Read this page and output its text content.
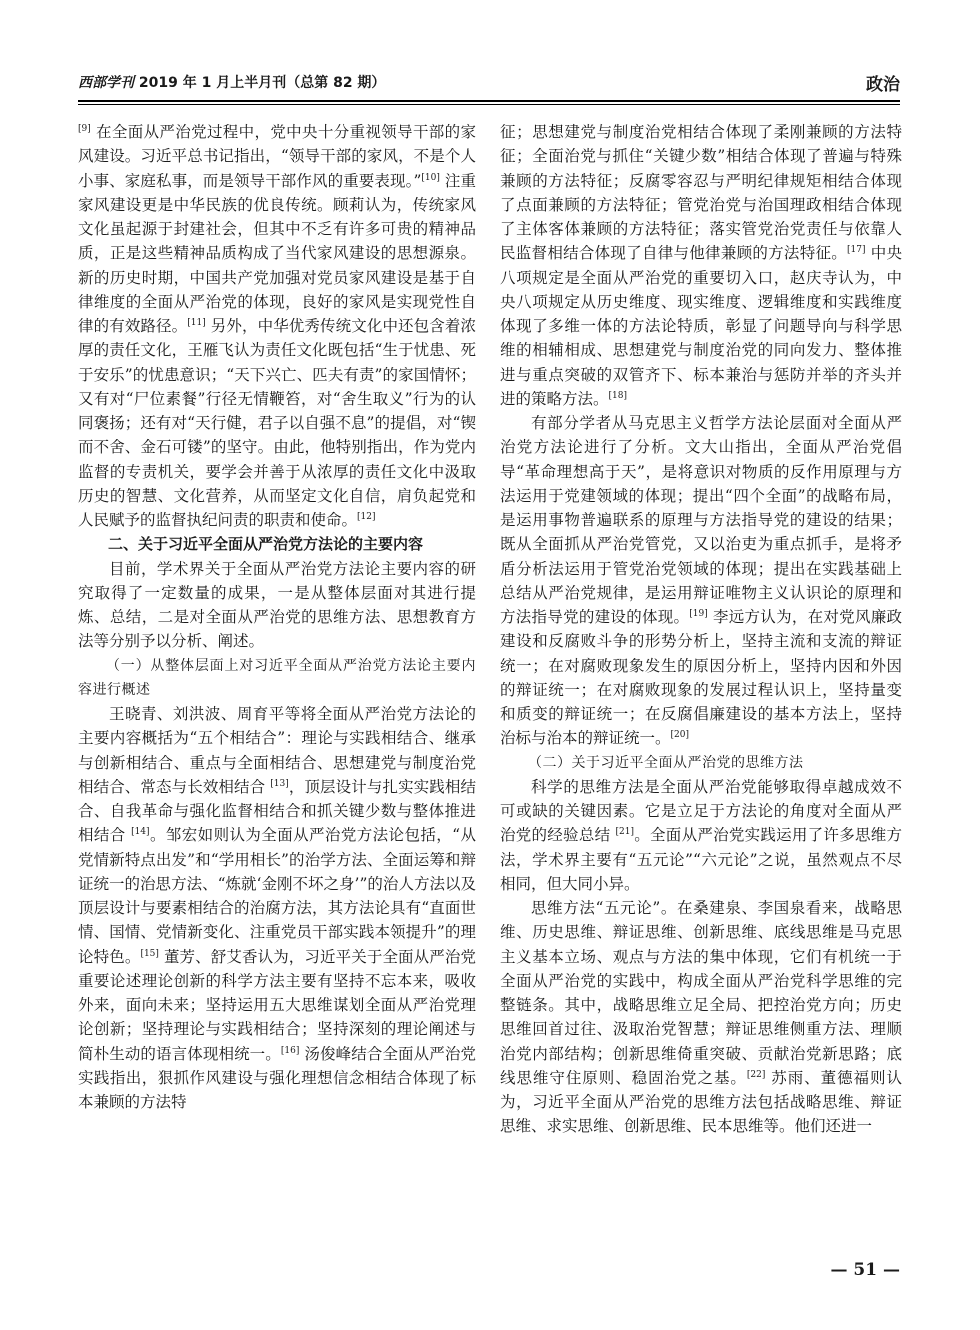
西部学刊 2019 年 1 月上半月刊（总第 82 期）	政治

[9] 在全面从严治党过程中，党中央十分重视领导干部的家风建设。习近平总书记指出，“领导干部的家风，不是个人小事、家庭私事，而是领导干部作风的重要表现。”[10] 注重家风建设更是中华民族的优良传统。顾莉认为，传统家风文化虽起源于封建社会，但其中不乏有许多可贵的精神品质，正是这些精神品质构成了当代家风建设的思想源泉。新的历史时期，中国共产党加强对党员家风建设是基于自律维度的全面从严治党的体现，良好的家风是实现党性自律的有效路径。[11] 另外，中华优秀传统文化中还包含着浓厚的责任文化，王雁飞认为责任文化既包括“生于忧患、死于安乐”的忧患意识；“天下兴亡、匹夫有责”的家国情怀；又有对“尸位素餐”行径无情鞭笞，对“舍生取义”行为的认同褒扬；还有对“天行健，君子以自强不息”的提倡，对“锲而不舍、金石可镂”的坚守。由此，他特别指出，作为党内监督的专责机关，要学会并善于从浓厚的责任文化中汲取历史的智慧、文化营养，从而坚定文化自信，肩负起党和人民赋予的监督执纪问责的职责和使命。[12]

二、关于习近平全面从严治党方法论的主要内容

目前，学术界关于全面从严治党方法论主要内容的研究取得了一定数量的成果，一是从整体层面对其进行提炼、总结，二是对全面从严治党的思维方法、思想教育方法等分别予以分析、阐述。

（一）从整体层面上对习近平全面从严治党方法论主要内容进行概述

王晓青、刘洪波、周育平等将全面从严治党方法论的主要内容概括为“五个相结合”：理论与实践相结合、继承与创新相结合、重点与全面相结合、思想建党与制度治党相结合、常态与长效相结合 [13]，顶层设计与扎实实践相结合、自我革命与强化监督相结合和抓关键少数与整体推进相结合 [14]。邹宏如则认为全面从严治党方法论包括，“从党情新特点出发”和“学用相长”的治学方法、全面运筹和辩证统一的治思方法、“炼就‘金刚不坏之身’”的治人方法以及顶层设计与要素相结合的治腐方法，其方法论具有“直面世情、国情、党情新变化、注重党员干部实践本领提升”的理论特色。[15] 董芳、舒艾香认为，习近平关于全面从严治党重要论述理论创新的科学方法主要有坚持不忘本来，吸收外来，面向未来；坚持运用五大思维谋划全面从严治党理论创新；坚持理论与实践相结合；坚持深刻的理论阐述与简朴生动的语言体现相统一。[16] 汤俊峰结合全面从严治党实践指出，狠抓作风建设与强化理想信念相结合体现了标本兼顾的方法特

征；思想建党与制度治党相结合体现了柔刚兼顾的方法特征；全面治党与抓住“关键少数”相结合体现了普遍与特殊兼顾的方法特征；反腐零容忍与严明纪律规矩相结合体现了点面兼顾的方法特征；管党治党与治国理政相结合体现了主体客体兼顾的方法特征；落实管党治党责任与依靠人民监督相结合体现了自律与他律兼顾的方法特征。[17] 中央八项规定是全面从严治党的重要切入口，赵庆寺认为，中央八项规定从历史维度、现实维度、逻辑维度和实践维度体现了多维一体的方法论特质，彰显了问题导向与科学思维的相辅相成、思想建党与制度治党的同向发力、整体推进与重点突破的双管齐下、标本兼治与惩防并举的齐头并进的策略方法。[18]

有部分学者从马克思主义哲学方法论层面对全面从严治党方法论进行了分析。文大山指出，全面从严治党倡导“革命理想高于天”，是将意识对物质的反作用原理与方法运用于党建领域的体现；提出“四个全面”的战略布局，是运用事物普遍联系的原理与方法指导党的建设的结果；既从全面抓从严治党管党，又以治吏为重点抓手，是将矛盾分析法运用于管党治党领域的体现；提出在实践基础上总结从严治党规律，是运用辩证唯物主义认识论的原理和方法指导党的建设的体现。[19] 李远方认为，在对党风廉政建设和反腐败斗争的形势分析上，坚持主流和支流的辩证统一；在对腐败现象发生的原因分析上，坚持内因和外因的辩证统一；在对腐败现象的发展过程认识上，坚持量变和质变的辩证统一；在反腐倡廉建设的基本方法上，坚持治标与治本的辩证统一。[20]

（二）关于习近平全面从严治党的思维方法

科学的思维方法是全面从严治党能够取得卓越成效不可或缺的关键因素。它是立足于方法论的角度对全面从严治党的经验总结 [21]。全面从严治党实践运用了许多思维方法，学术界主要有“五元论”“六元论”之说，虽然观点不尽相同，但大同小异。

思维方法“五元论”。在桑建泉、李国泉看来，战略思维、历史思维、辩证思维、创新思维、底线思维是马克思主义基本立场、观点与方法的集中体现，它们有机统一于全面从严治党的实践中，构成全面从严治党科学思维的完整链条。其中，战略思维立足全局、把控治党方向；历史思维回首过往、汲取治党智慧；辩证思维侧重方法、理顺治党内部结构；创新思维倚重突破、贡献治党新思路；底线思维守住原则、稳固治党之基。[22] 苏雨、董德福则认为，习近平全面从严治党的思维方法包括战略思维、辩证思维、求实思维、创新思维、民本思维等。他们还进一

— 51 —
